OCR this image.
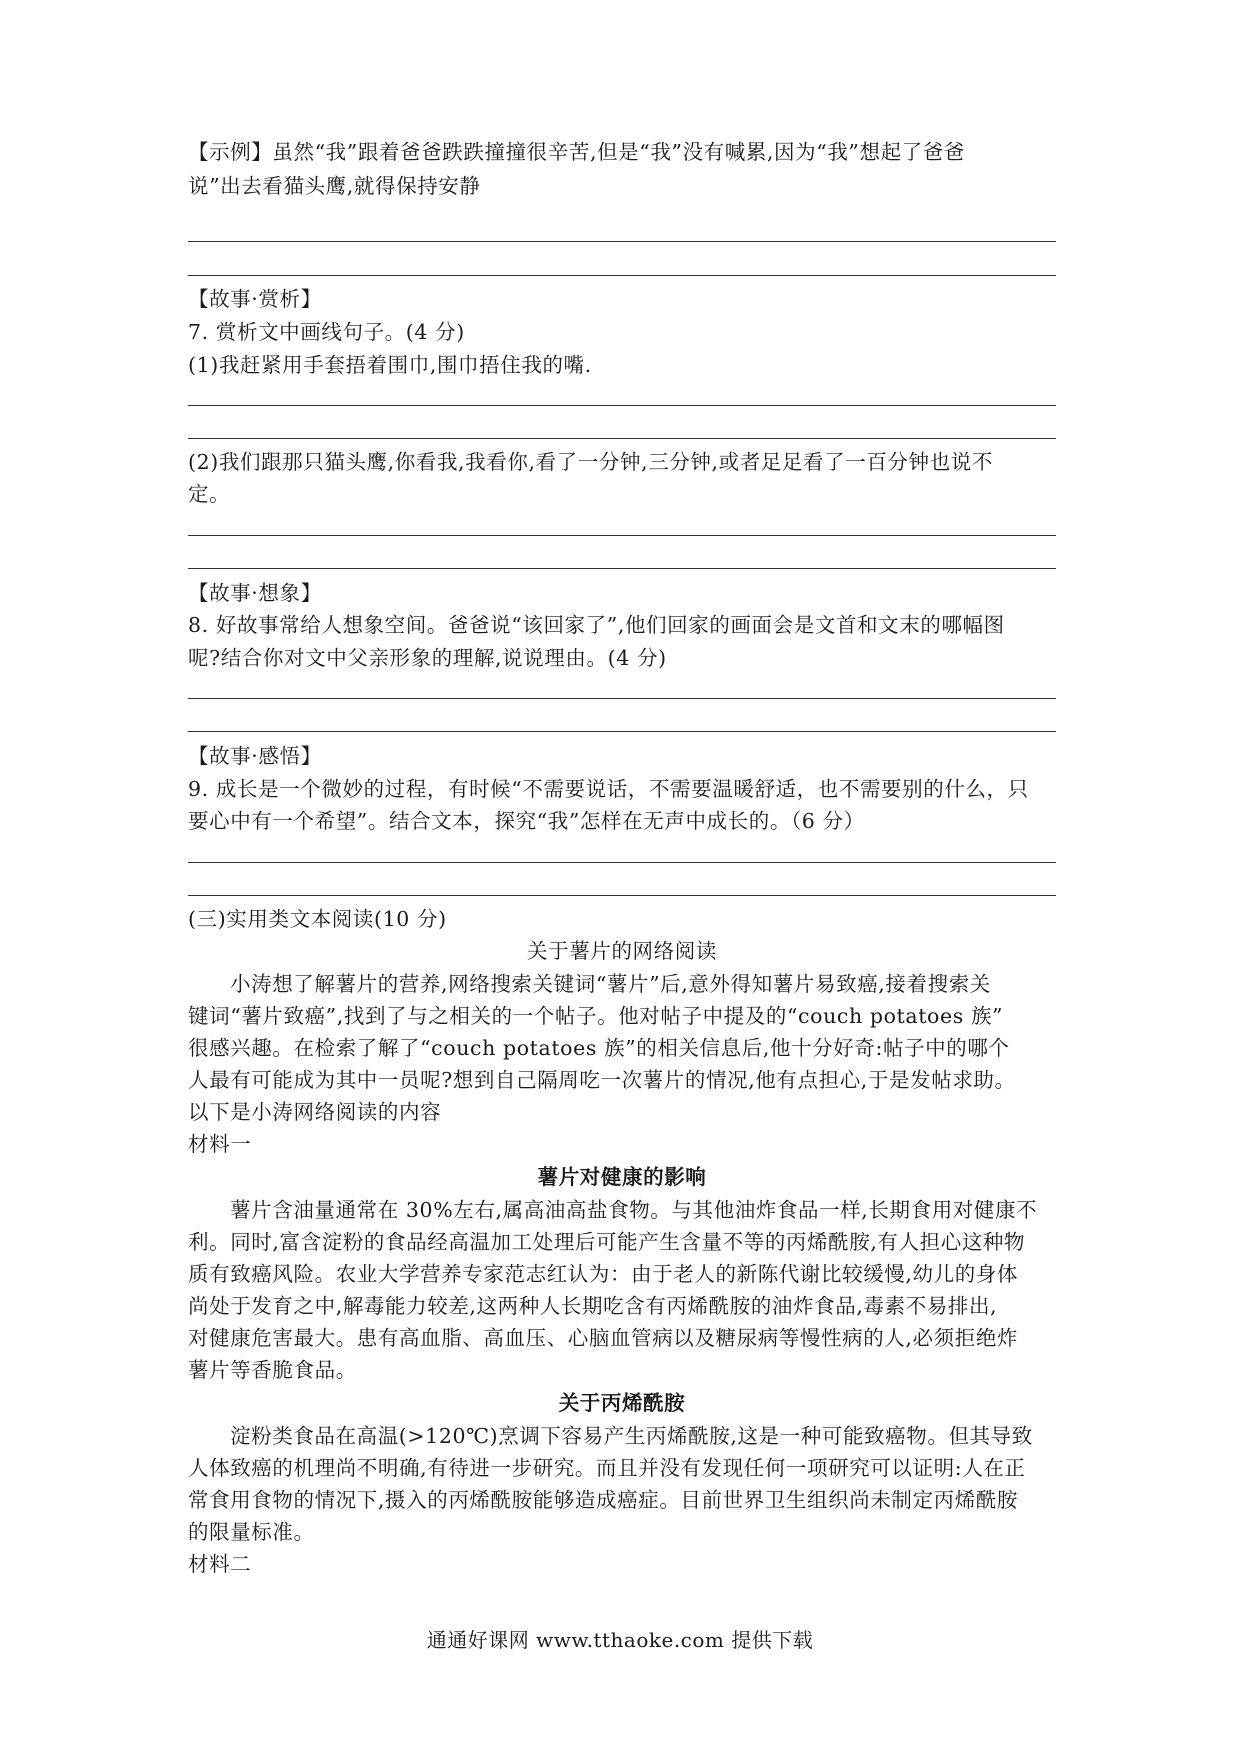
【示例】虽然“我”跟着爸爸跌跌撞撞很辛苦,但是“我”没有喊累,因为“我”想起了爸爸
说”出去看猫头鹰,就得保持安静
【故事·赏析】
7. 赏析文中画线句子。(4 分)
(1)我赶紧用手套捂着围巾,围巾捂住我的嘴.
(2)我们跟那只猫头鹰,你看我,我看你,看了一分钟,三分钟,或者足足看了一百分钟也说不
定。
【故事·想象】
8. 好故事常给人想象空间。爸爸说“该回家了”,他们回家的画面会是文首和文末的哪幅图
呢?结合你对文中父亲形象的理解,说说理由。(4 分)
【故事·感悟】
9. 成长是一个微妙的过程，有时候“不需要说话，不需要温暖舒适，也不需要别的什么，只
要心中有一个希望”。结合文本，探究“我”怎样在无声中成长的。（6 分）
(三)实用类文本阅读(10 分)
关于薯片的网络阅读
小涛想了解薯片的营养,网络搜索关键词“薯片”后,意外得知薯片易致癌,接着搜索关
键词“薯片致癌”,找到了与之相关的一个帖子。他对帖子中提及的“couch potatoes 族”
很感兴趣。在检索了解了“couch potatoes 族”的相关信息后,他十分好奇:帖子中的哪个
人最有可能成为其中一员呢?想到自己隔周吃一次薯片的情况,他有点担心,于是发帖求助。
以下是小涛网络阅读的内容
材料一
薯片对健康的影响
薯片含油量通常在 30%左右,属高油高盐食物。与其他油炸食品一样,长期食用对健康不
利。同时,富含淀粉的食品经高温加工处理后可能产生含量不等的丙烯酰胺,有人担心这种物
质有致癌风险。农业大学营养专家范志红认为：由于老人的新陈代谢比较缓慢,幼儿的身体
尚处于发育之中,解毒能力较差,这两种人长期吃含有丙烯酰胺的油炸食品,毒素不易排出,
对健康危害最大。患有高血脂、高血压、心脑血管病以及糖尿病等慢性病的人,必须拒绝炸
薯片等香脆食品。
关于丙烯酰胺
淀粉类食品在高温(>120℃)烹调下容易产生丙烯酰胺,这是一种可能致癌物。但其导致
人体致癌的机理尚不明确,有待进一步研究。而且并没有发现任何一项研究可以证明:人在正
常食用食物的情况下,摄入的丙烯酰胺能够造成癌症。目前世界卫生组织尚未制定丙烯酰胺
的限量标准。
材料二
通通好课网 www.tthaoke.com 提供下载
